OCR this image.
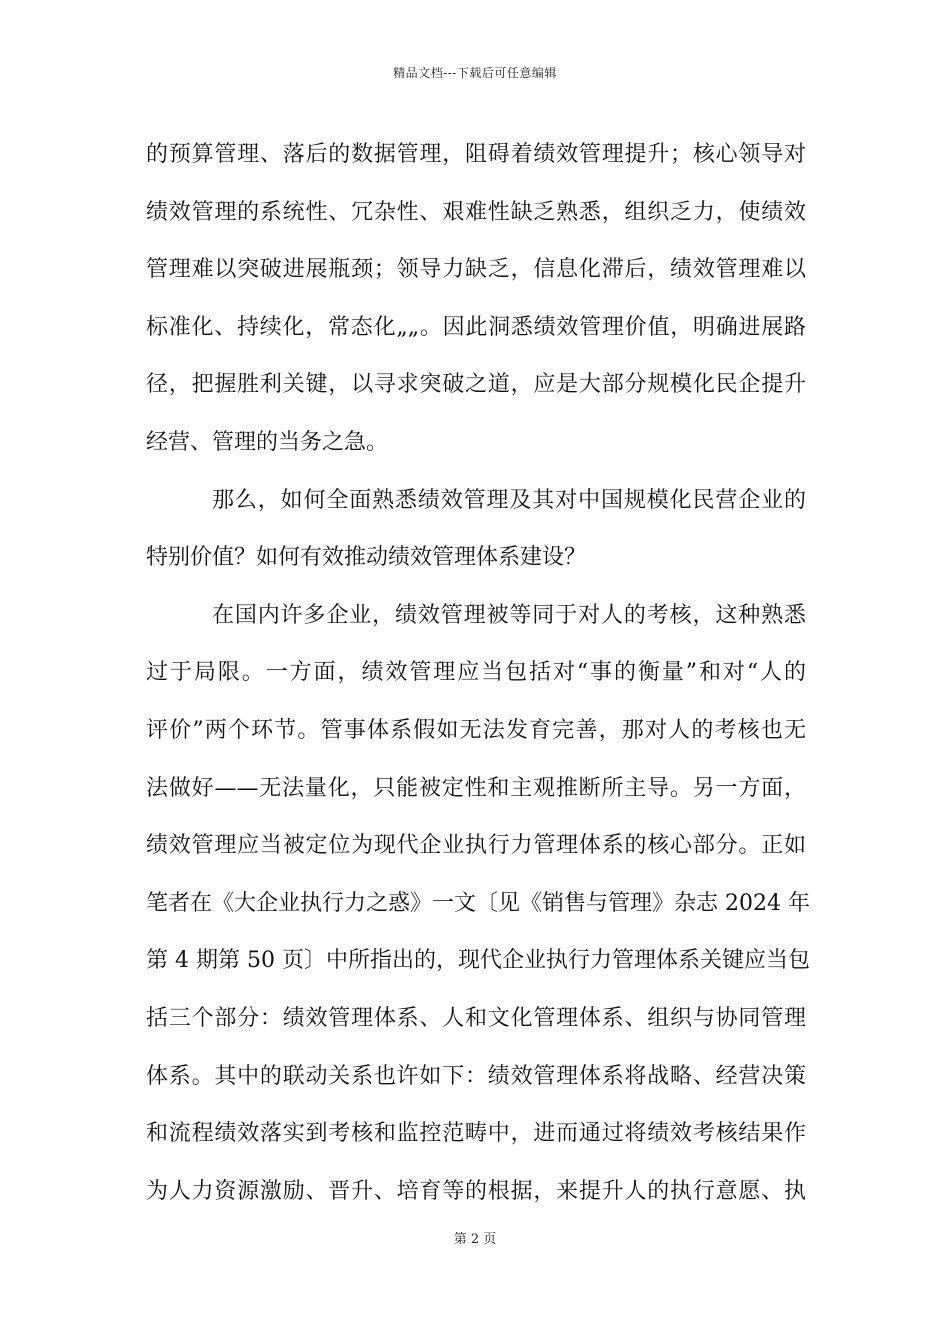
精品文档---下载后可任意编辑

的预算管理、落后的数据管理，阻碍着绩效管理提升；核心领导对
绩效管理的系统性、冗杂性、艰难性缺乏熟悉，组织乏力，使绩效
管理难以突破进展瓶颈；领导力缺乏，信息化滞后，绩效管理难以
标准化、持续化，常态化„„。因此洞悉绩效管理价值，明确进展路
径，把握胜利关键，以寻求突破之道，应是大部分规模化民企提升
经营、管理的当务之急。

那么，如何全面熟悉绩效管理及其对中国规模化民营企业的
特别价值？如何有效推动绩效管理体系建设？

在国内许多企业，绩效管理被等同于对人的考核，这种熟悉
过于局限。一方面，绩效管理应当包括对“事的衡量”和对“人的
评价”两个环节。管事体系假如无法发育完善，那对人的考核也无
法做好——无法量化，只能被定性和主观推断所主导。另一方面，
绩效管理应当被定位为现代企业执行力管理体系的核心部分。正如
笔者在《大企业执行力之惑》一文〔见《销售与管理》杂志 2024 年
第 4 期第 50 页〕中所指出的，现代企业执行力管理体系关键应当包
括三个部分：绩效管理体系、人和文化管理体系、组织与协同管理
体系。其中的联动关系也许如下：绩效管理体系将战略、经营决策
和流程绩效落实到考核和监控范畴中，进而通过将绩效考核结果作
为人力资源激励、晋升、培育等的根据，来提升人的执行意愿、执

第 2 页
